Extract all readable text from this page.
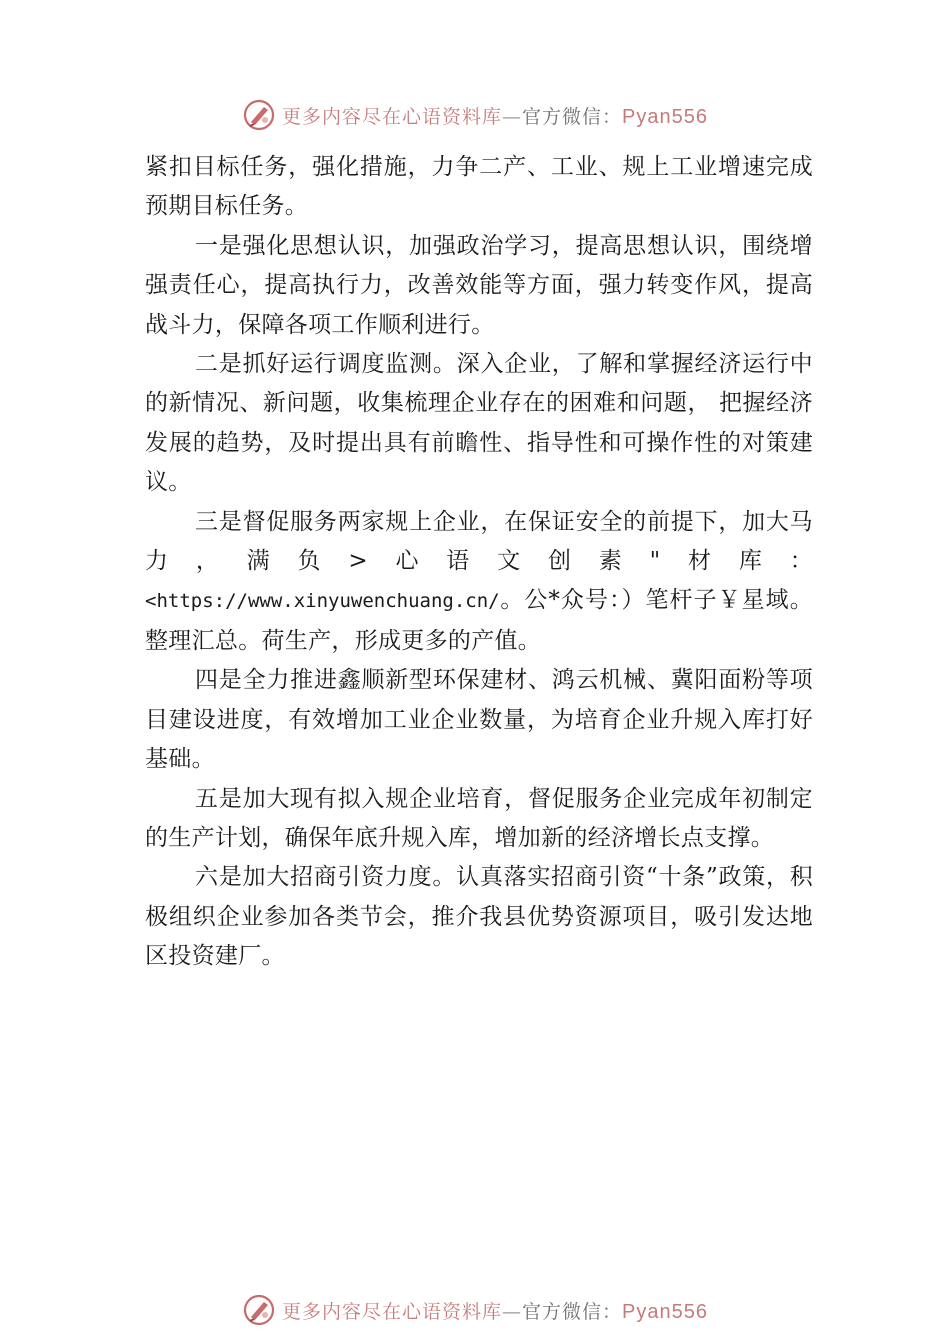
更多内容尽在心语资料库—官方微信：Pyan556

紧扣目标任务，强化措施，力争二产、工业、规上工业增速完成预期目标任务。

一是强化思想认识，加强政治学习，提高思想认识，围绕增强责任心，提高执行力，改善效能等方面，强力转变作风，提高战斗力，保障各项工作顺利进行。

二是抓好运行调度监测。深入企业，了解和掌握经济运行中的新情况、新问题，收集梳理企业存在的困难和问题， 把握经济发展的趋势，及时提出具有前瞻性、指导性和可操作性的对策建议。

三是督促服务两家规上企业，在保证安全的前提下，加大马力，满负>心语文创素"材库：<https://www.xinyuwenchuang.cn/。公*众号：）笔杆子￥星域。整理汇总。荷生产，形成更多的产值。

四是全力推进鑫顺新型环保建材、鸿云机械、冀阳面粉等项目建设进度，有效增加工业企业数量，为培育企业升规入库打好基础。

五是加大现有拟入规企业培育，督促服务企业完成年初制定的生产计划，确保年底升规入库，增加新的经济增长点支撑。

六是加大招商引资力度。认真落实招商引资“十条”政策，积极组织企业参加各类节会，推介我县优势资源项目，吸引发达地区投资建厂。

更多内容尽在心语资料库—官方微信：Pyan556
